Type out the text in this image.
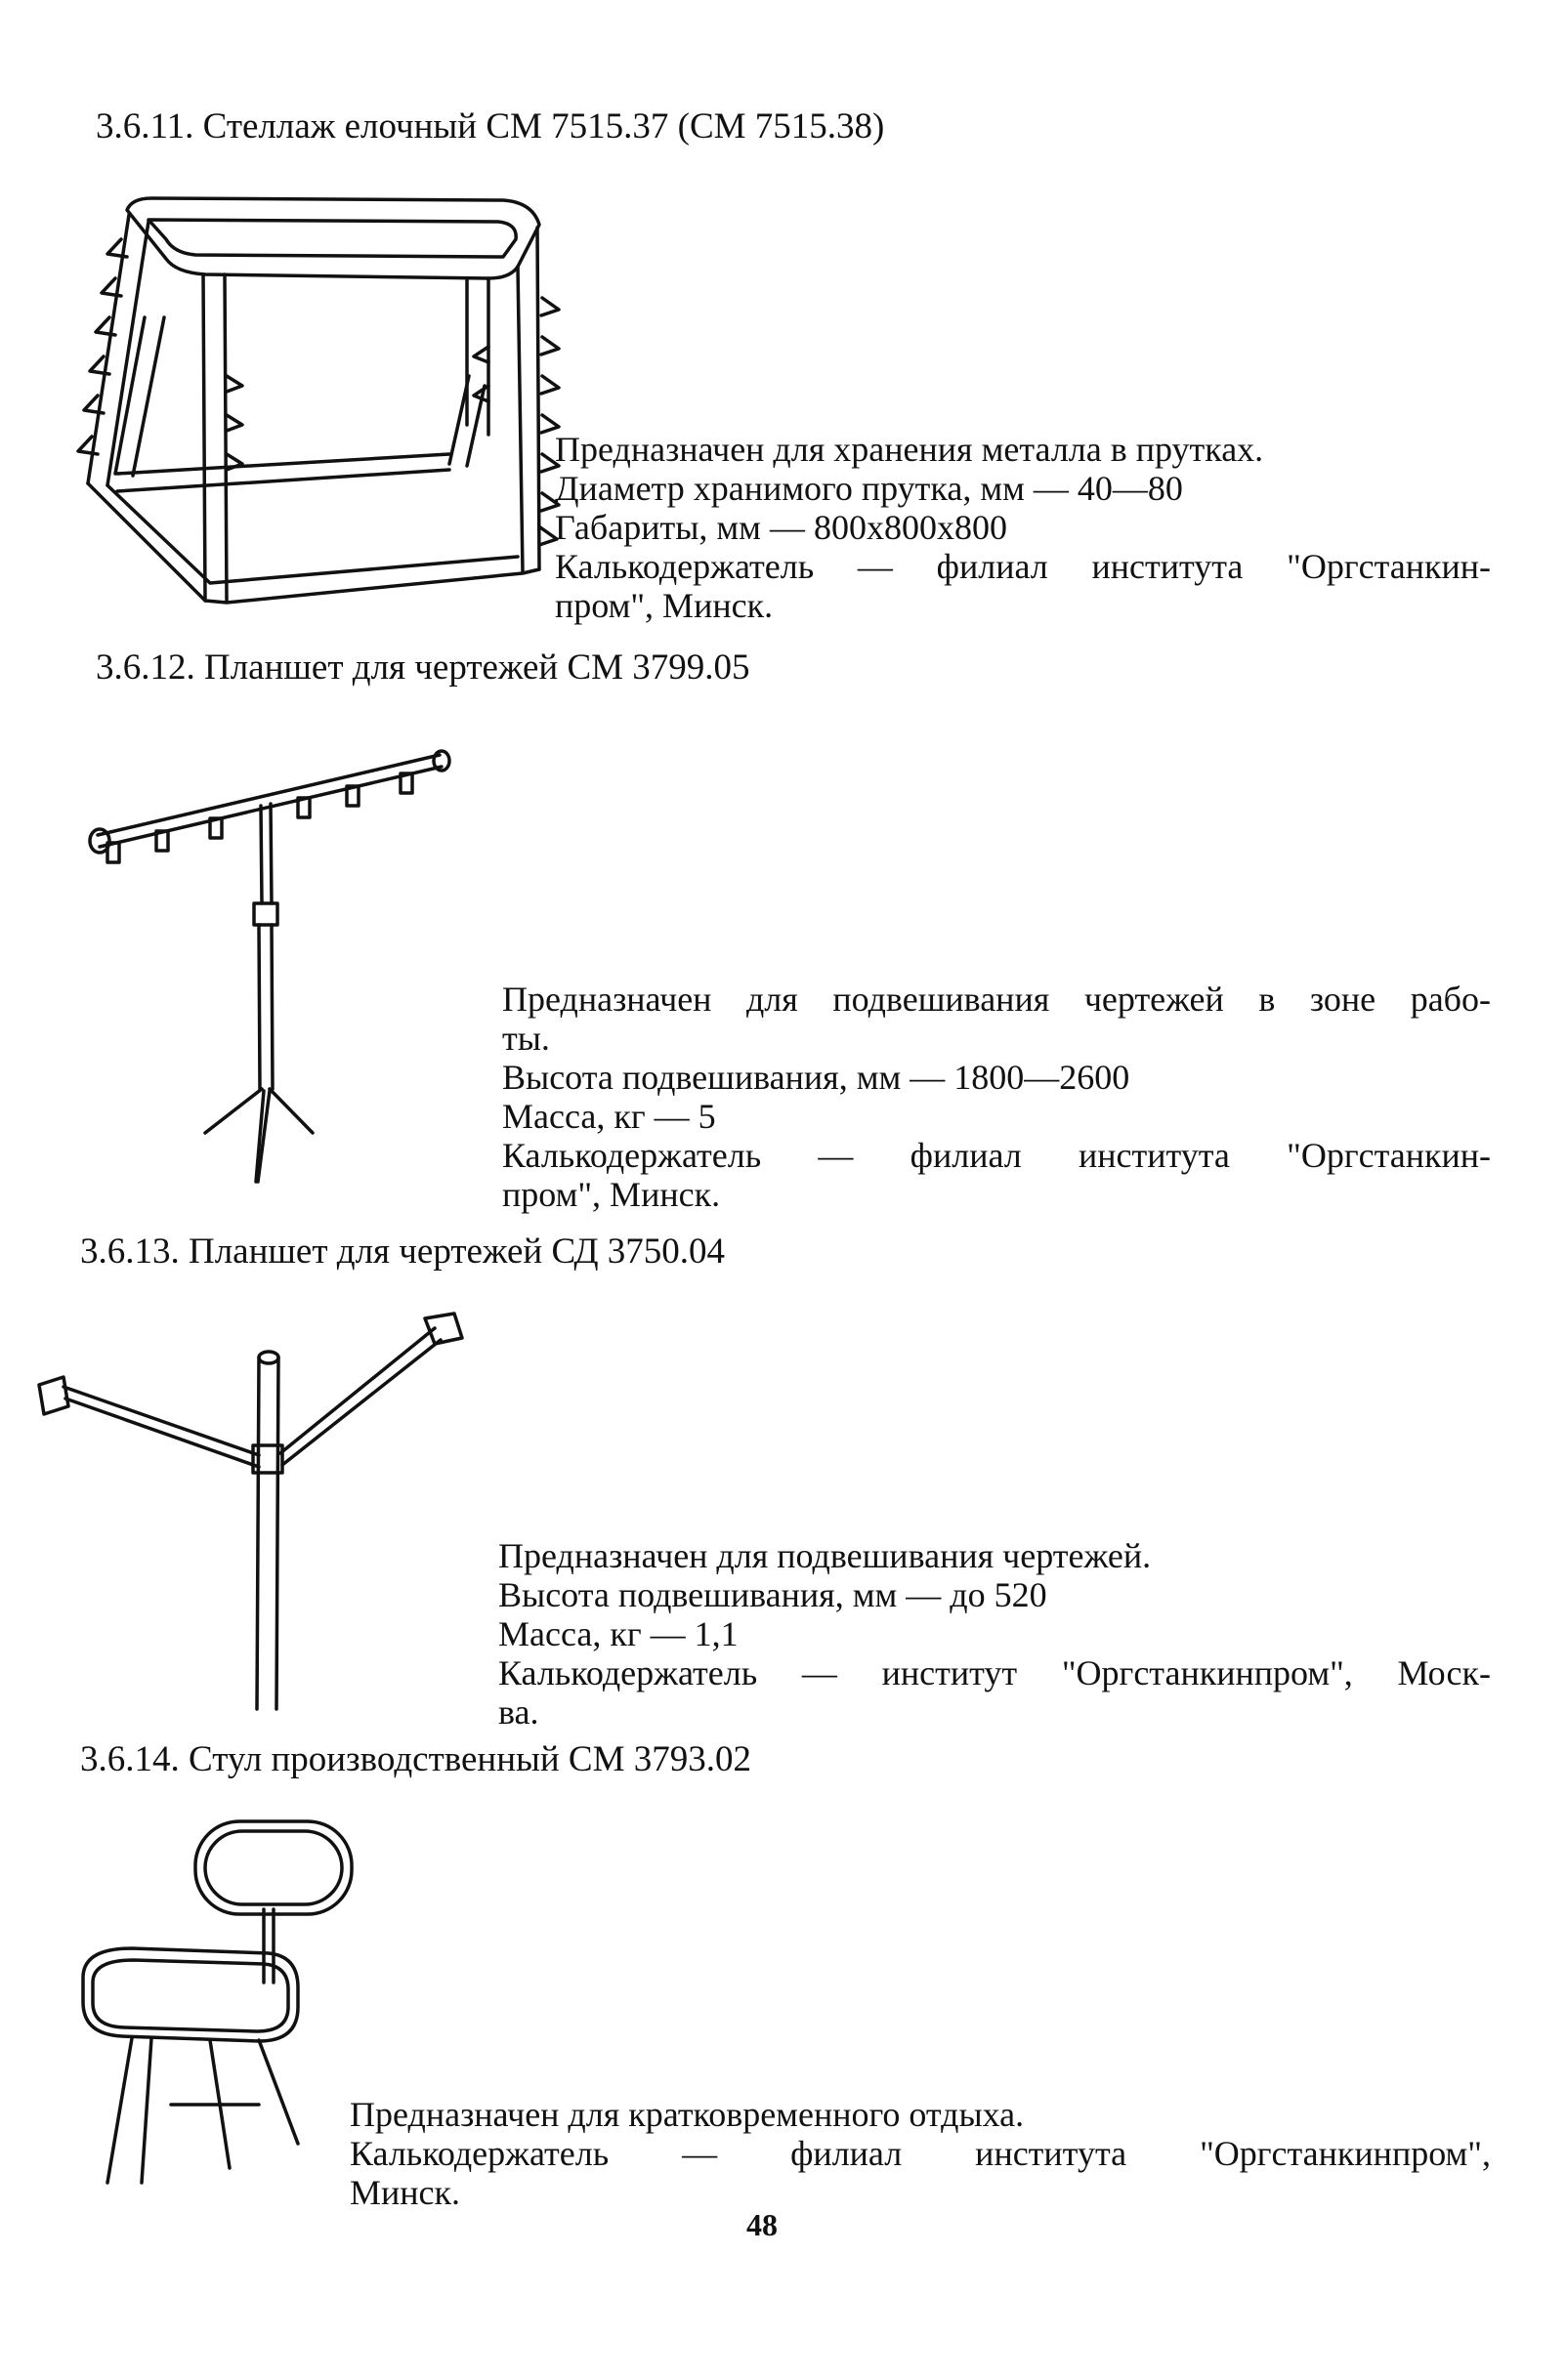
3.6.11. Стеллаж елочный СМ 7515.37 (СМ 7515.38)

Предназначен для хранения металла в прутках.

Диаметр хранимого прутка, мм — 40—80

Габариты, мм — 800х800х800

Калькодержатель — филиал института "Оргстанкин-

пром", Минск.

3.6.12. Планшет для чертежей СМ 3799.05

Предназначен для подвешивания чертежей в зоне рабо-

ты.

Высота подвешивания, мм — 1800—2600

Масса, кг — 5

Калькодержатель — филиал института "Оргстанкин-

пром", Минск.

3.6.13. Планшет для чертежей СД 3750.04

Предназначен для подвешивания чертежей.

Высота подвешивания, мм — до 520

Масса, кг — 1,1

Калькодержатель — институт "Оргстанкинпром", Моск-

ва.

3.6.14. Стул производственный СМ 3793.02

Предназначен для кратковременного отдыха.

Калькодержатель — филиал института "Оргстанкинпром",

Минск.

48
